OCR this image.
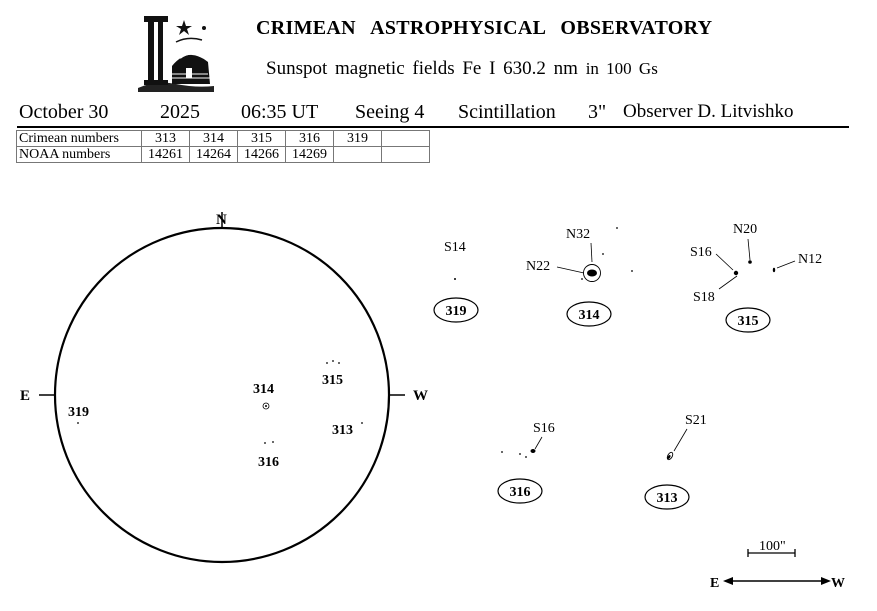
CRIMEAN ASTROPHYSICAL OBSERVATORY
Sunspot magnetic fields Fe I 630.2 nm in 100 Gs
October 30	2025 06:35 UT Seeing 4 Scintillation 3" Observer D. Litvishko
Crimean numbers	313	314	315	316	319	
NOAA numbers	14261	14264	14266	14269		
N
E	W
314
315
313
316
319
S14
319
N32
N22
314
N20
S16	N12
S18
315
S16
316
S21
313
100"
E	W
